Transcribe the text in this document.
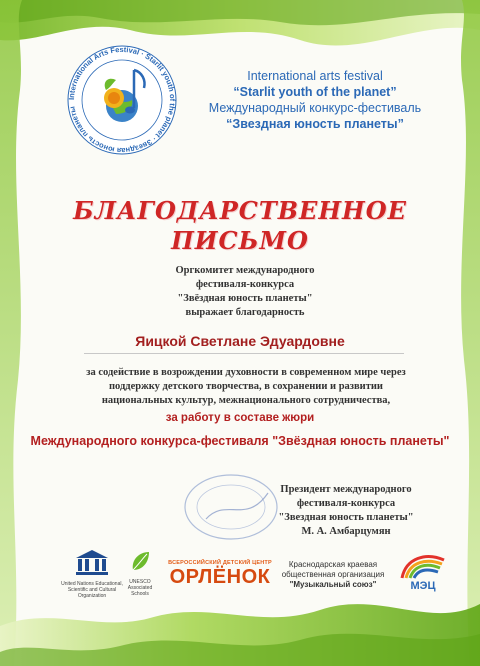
International Arts Festival · Starlit youth of the planet · Звездная юность планеты
International arts festival
“Starlit youth of the planet”
Международный конкурс-фестиваль
“Звездная юность планеты”
БЛАГОДАРСТВЕННОЕ
ПИСЬМО
Оргкомитет международного
фестиваля-конкурса
"Звёздная юность планеты"
выражает благодарность
Яицкой Светлане Эдуардовне
за содействие в возрождении духовности в современном мире через
поддержку детского творчества, в сохранении и развитии
национальных культур, межнационального сотрудничества,
за работу в составе жюри
Международного конкурса-фестиваля "Звёздная юность планеты"
Президент международного
фестиваля-конкурса
"Звездная юность планеты"
М. А. Амбарцумян
United Nations Educational, Scientific and Cultural Organization
UNESCO Associated Schools
ВСЕРОССИЙСКИЙ ДЕТСКИЙ ЦЕНТР
ОРЛЁНОК
Краснодарская краевая
общественная организация
"Музыкальный союз"	МЭЦ
